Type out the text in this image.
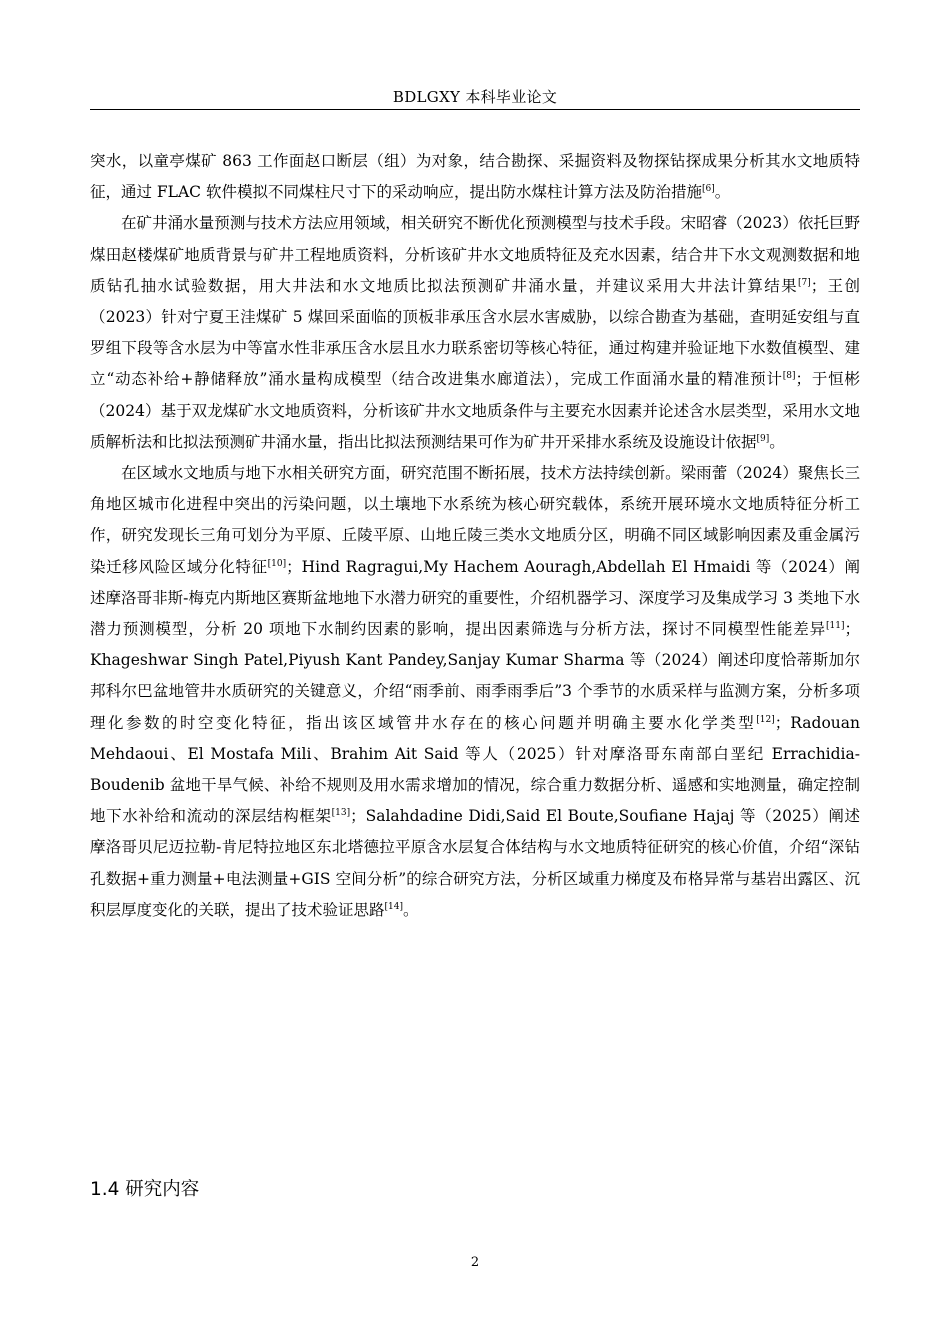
BDLGXY 本科毕业论文

突水，以童亭煤矿 863 工作面赵口断层（组）为对象，结合勘探、采掘资料及物探钻探成果分析其水文地质特征，通过 FLAC 软件模拟不同煤柱尺寸下的采动响应，提出防水煤柱计算方法及防治措施[6]。

在矿井涌水量预测与技术方法应用领域，相关研究不断优化预测模型与技术手段。宋昭睿（2023）依托巨野煤田赵楼煤矿地质背景与矿井工程地质资料，分析该矿井水文地质特征及充水因素，结合井下水文观测数据和地质钻孔抽水试验数据，用大井法和水文地质比拟法预测矿井涌水量，并建议采用大井法计算结果[7]；王创（2023）针对宁夏王洼煤矿 5 煤回采面临的顶板非承压含水层水害威胁，以综合勘查为基础，查明延安组与直罗组下段等含水层为中等富水性非承压含水层且水力联系密切等核心特征，通过构建并验证地下水数值模型、建立“动态补给+静储释放”涌水量构成模型（结合改进集水廊道法），完成工作面涌水量的精准预计[8]；于恒彬（2024）基于双龙煤矿水文地质资料，分析该矿井水文地质条件与主要充水因素并论述含水层类型，采用水文地质解析法和比拟法预测矿井涌水量，指出比拟法预测结果可作为矿井开采排水系统及设施设计依据[9]。

在区域水文地质与地下水相关研究方面，研究范围不断拓展，技术方法持续创新。梁雨蕾（2024）聚焦长三角地区城市化进程中突出的污染问题，以土壤地下水系统为核心研究载体，系统开展环境水文地质特征分析工作，研究发现长三角可划分为平原、丘陵平原、山地丘陵三类水文地质分区，明确不同区域影响因素及重金属污染迁移风险区域分化特征[10]；Hind Ragragui,My Hachem Aouragh,Abdellah El Hmaidi 等（2024）阐述摩洛哥非斯-梅克内斯地区赛斯盆地地下水潜力研究的重要性，介绍机器学习、深度学习及集成学习 3 类地下水潜力预测模型，分析 20 项地下水制约因素的影响，提出因素筛选与分析方法，探讨不同模型性能差异[11]；Khageshwar Singh Patel,Piyush Kant Pandey,Sanjay Kumar Sharma 等（2024）阐述印度恰蒂斯加尔邦科尔巴盆地管井水质研究的关键意义，介绍“雨季前、雨季雨季后”3 个季节的水质采样与监测方案，分析多项理化参数的时空变化特征，指出该区域管井水存在的核心问题并明确主要水化学类型[12]；Radouan Mehdaoui、El Mostafa Mili、Brahim Ait Said 等人（2025）针对摩洛哥东南部白垩纪 Errachidia-Boudenib 盆地干旱气候、补给不规则及用水需求增加的情况，综合重力数据分析、遥感和实地测量，确定控制地下水补给和流动的深层结构框架[13]；Salahdadine Didi,Said El Boute,Soufiane Hajaj 等（2025）阐述摩洛哥贝尼迈拉勒-肯尼特拉地区东北塔德拉平原含水层复合体结构与水文地质特征研究的核心价值，介绍“深钻孔数据+重力测量+电法测量+GIS 空间分析”的综合研究方法，分析区域重力梯度及布格异常与基岩出露区、沉积层厚度变化的关联，提出了技术验证思路[14]。

1.4 研究内容
2
